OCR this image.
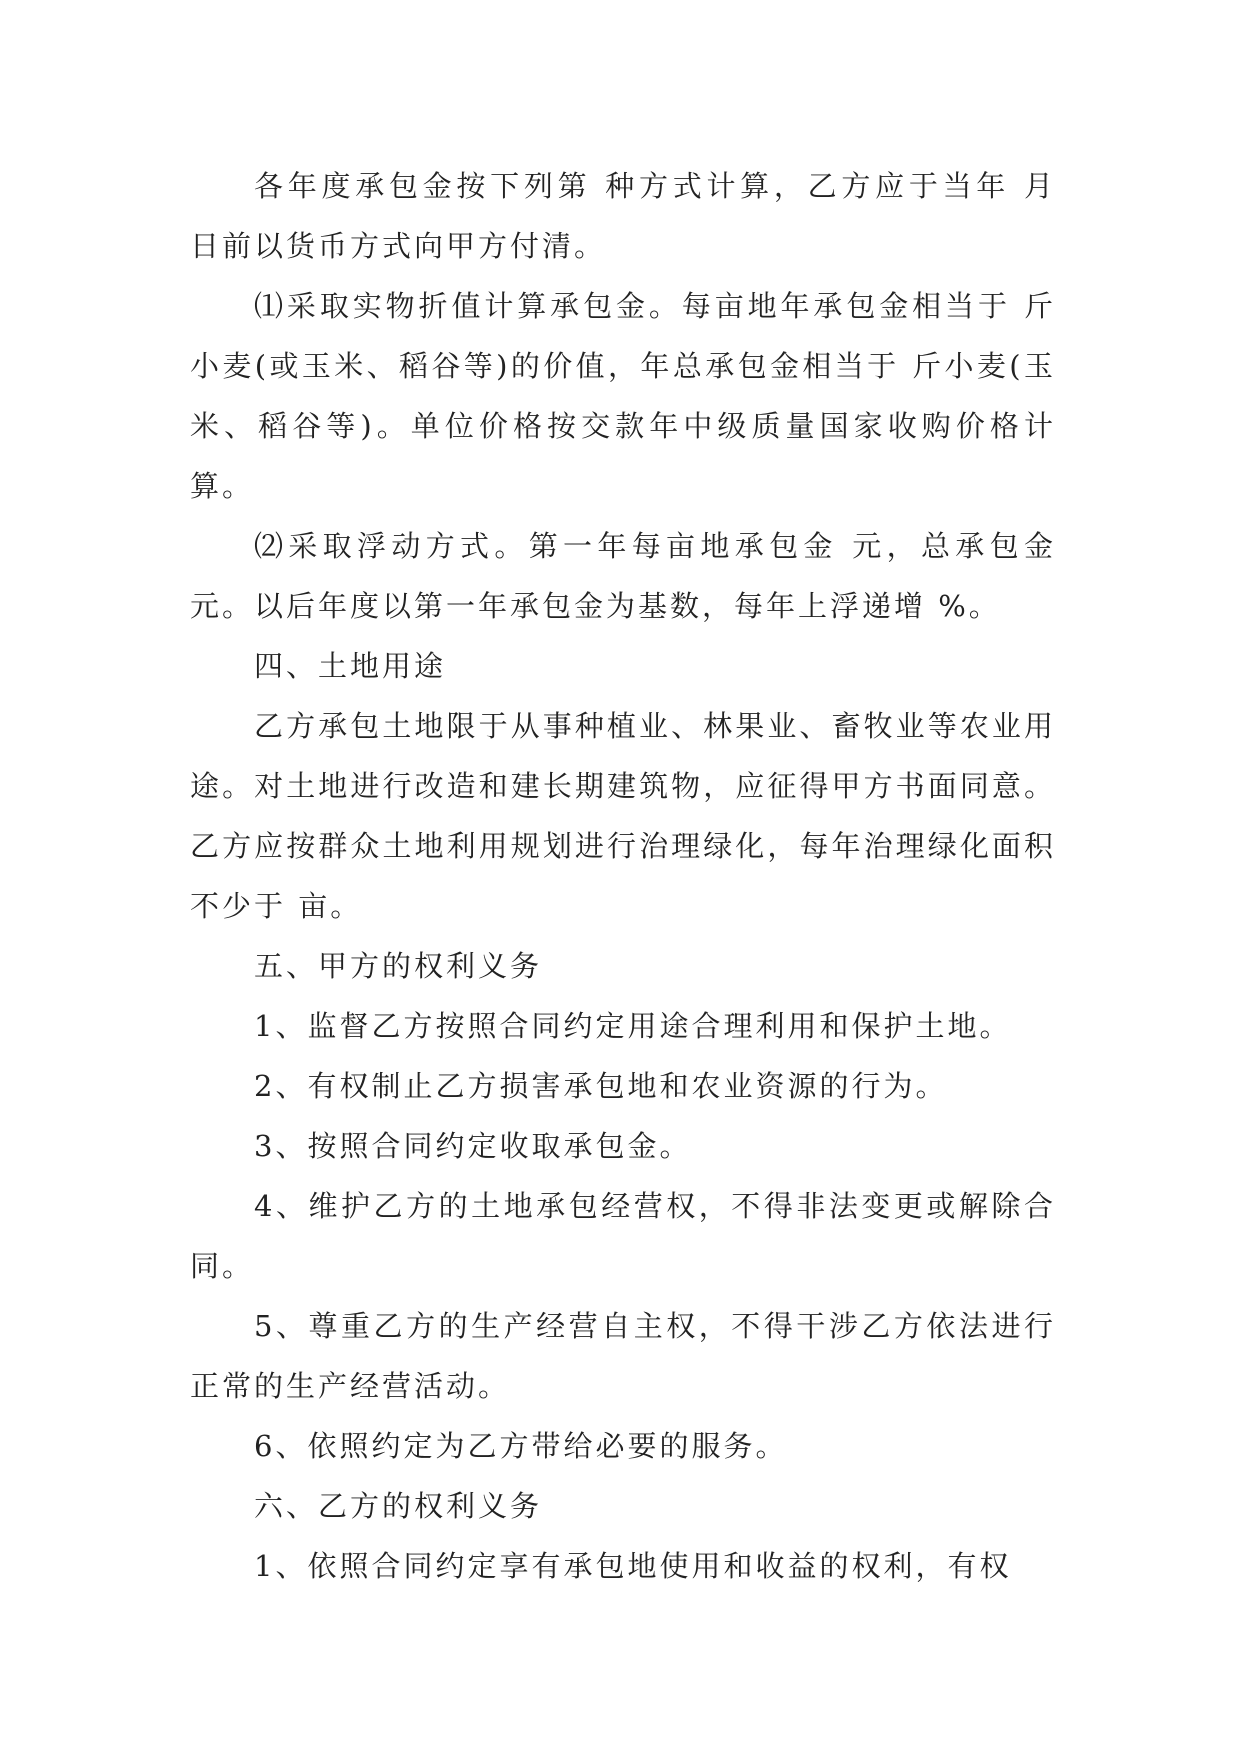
各年度承包金按下列第 种方式计算，乙方应于当年 月 日前以货币方式向甲方付清。

⑴采取实物折值计算承包金。每亩地年承包金相当于 斤小麦(或玉米、稻谷等)的价值，年总承包金相当于 斤小麦(玉米、稻谷等)。单位价格按交款年中级质量国家收购价格计算。

⑵采取浮动方式。第一年每亩地承包金 元，总承包金 元。以后年度以第一年承包金为基数，每年上浮递增 %。

四、土地用途

乙方承包土地限于从事种植业、林果业、畜牧业等农业用途。对土地进行改造和建长期建筑物，应征得甲方书面同意。乙方应按群众土地利用规划进行治理绿化，每年治理绿化面积不少于 亩。

五、甲方的权利义务

1、监督乙方按照合同约定用途合理利用和保护土地。

2、有权制止乙方损害承包地和农业资源的行为。

3、按照合同约定收取承包金。

4、维护乙方的土地承包经营权，不得非法变更或解除合同。

5、尊重乙方的生产经营自主权，不得干涉乙方依法进行正常的生产经营活动。

6、依照约定为乙方带给必要的服务。

六、乙方的权利义务

1、依照合同约定享有承包地使用和收益的权利，有权
